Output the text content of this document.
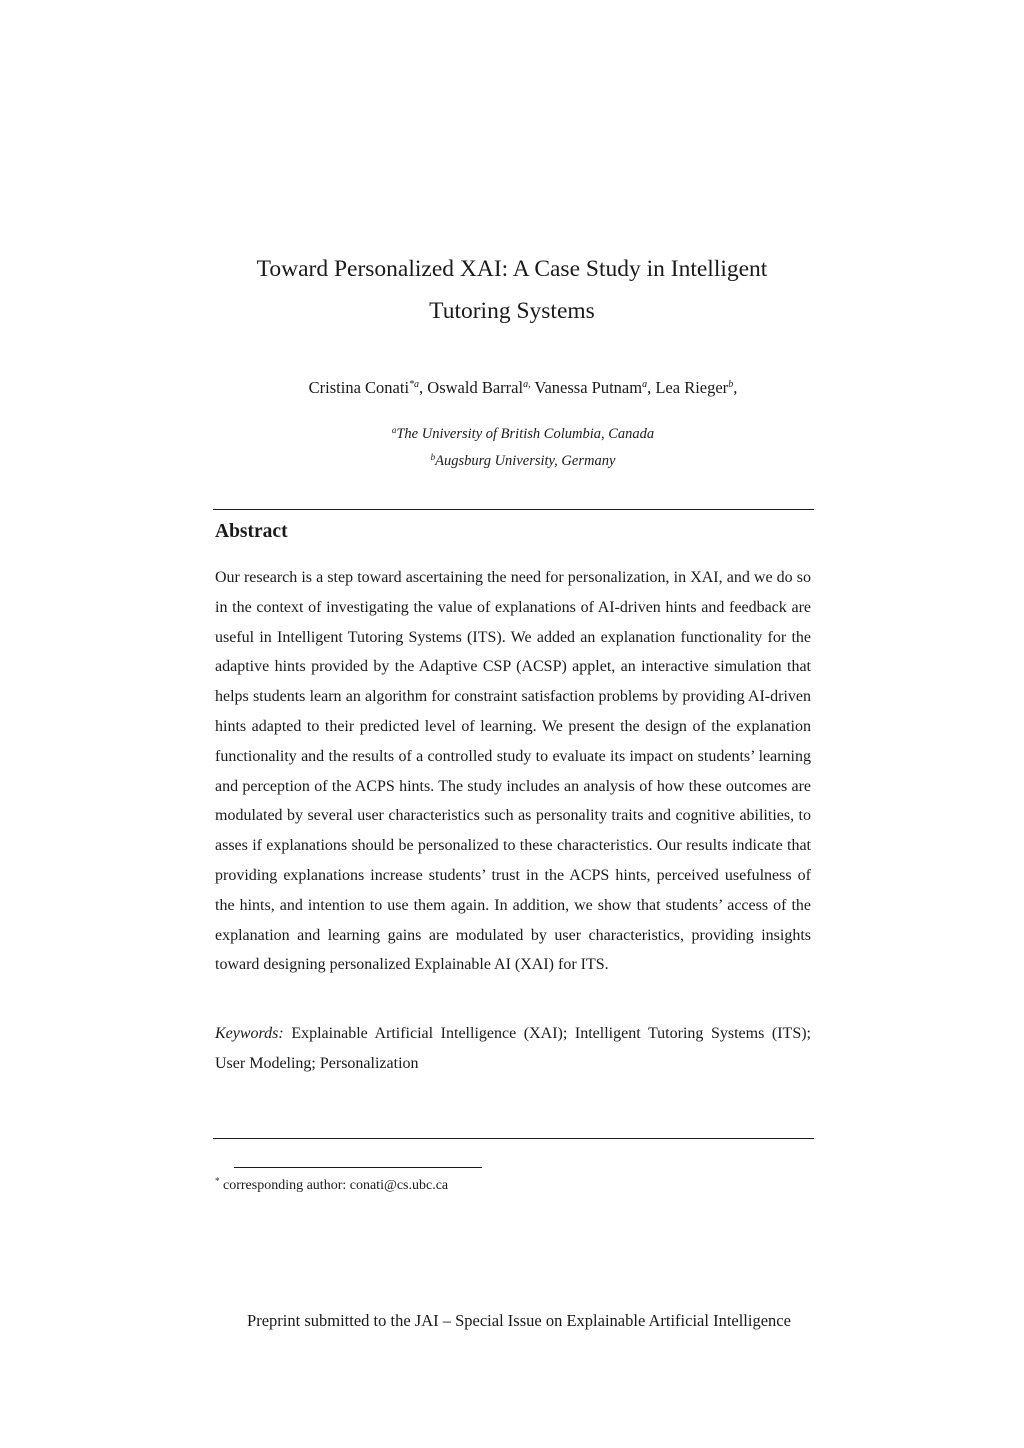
Toward Personalized XAI: A Case Study in Intelligent
Tutoring Systems
Cristina Conati$^{*a}$, Oswald Barral$^{a,}$ Vanessa Putnam$^a$, Lea Rieger$^b$,
$^a$The University of British Columbia, Canada
$^b$Augsburg University, Germany
Abstract

Our research is a step toward ascertaining the need for personalization, in XAI, and we do so in the context of investigating the value of explanations of AI-driven hints and feedback are useful in Intelligent Tutoring Systems (ITS). We added an explanation functionality for the adaptive hints provided by the Adaptive CSP (ACSP) applet, an interactive simulation that helps students learn an algorithm for constraint satisfaction problems by providing AI-driven hints adapted to their predicted level of learning. We present the design of the explanation functionality and the results of a controlled study to evaluate its impact on students’ learning and perception of the ACPS hints. The study includes an analysis of how these outcomes are modulated by several user characteristics such as personality traits and cognitive abilities, to asses if explanations should be personalized to these characteristics. Our results indicate that providing explanations increase students’ trust in the ACPS hints, perceived usefulness of the hints, and intention to use them again. In addition, we show that students’ access of the explanation and learning gains are modulated by user characteristics, providing insights toward designing personalized Explainable AI (XAI) for ITS.

Keywords: Explainable Artificial Intelligence (XAI); Intelligent Tutoring Systems (ITS); User Modeling; Personalization

* corresponding author: conati@cs.ubc.ca
Preprint submitted to the JAI – Special Issue on Explainable Artificial Intelligence
